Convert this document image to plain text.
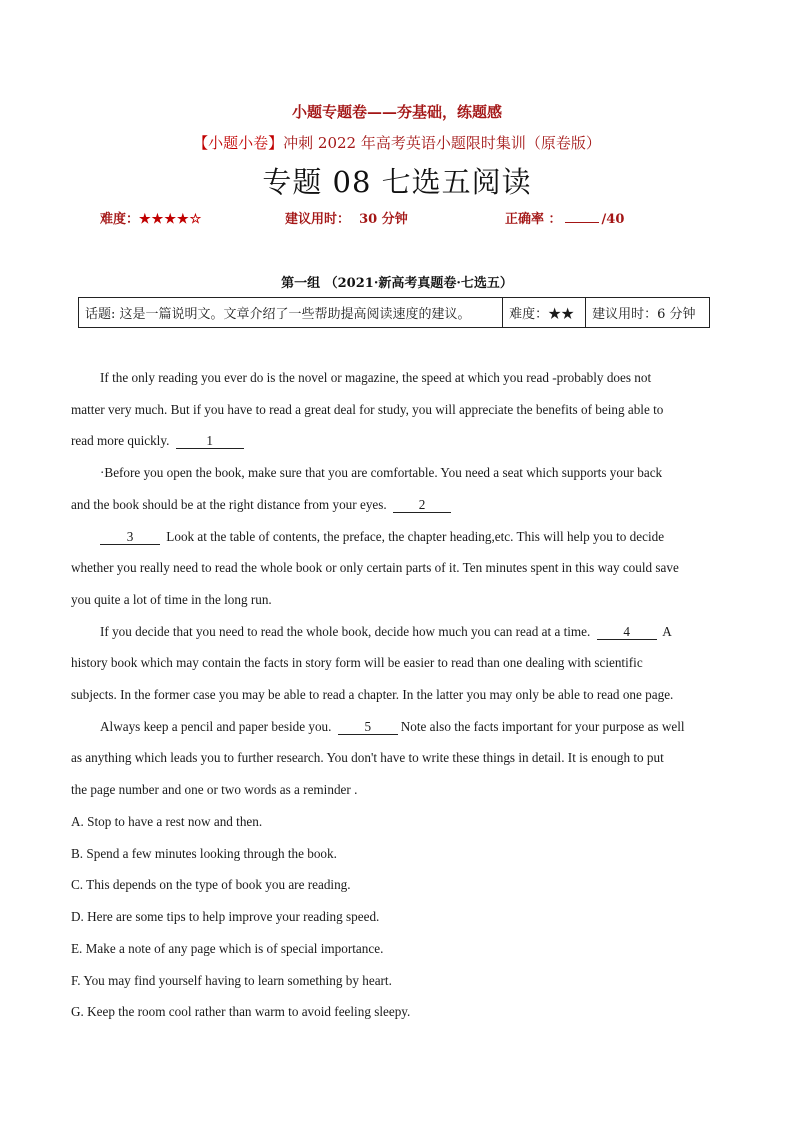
小题专题卷——夯基础，练题感
【小题小卷】冲刺 2022 年高考英语小题限时集训（原卷版）
专题 08 七选五阅读
难度：★★★★☆	建议用时： 30 分钟	正确率 ：	/40
第一组 （2021·新高考真题卷·七选五）
话题: 这是一篇说明文。文章介绍了一些帮助提高阅读速度的建议。	难度：★★	建议用时：6 分钟
If the only reading you ever do is the novel or magazine, the speed at which you read -probably does not
matter very much. But if you have to read a great deal for study, you will appreciate the benefits of being able to
read more quickly.	1
·Before you open the book, make sure that you are comfortable. You need a seat which supports your back
and the book should be at the right distance from your eyes. 2
3	Look at the table of contents, the preface, the chapter heading,etc. This will help you to decide
whether you really need to read the whole book or only certain parts of it. Ten minutes spent in this way could save
you quite a lot of time in the long run.
If you decide that you need to read the whole book, decide how much you can read at a time.	4 A
history book which may contain the facts in story form will be easier to read than one dealing with scientific
subjects. In the former case you may be able to read a chapter. In the latter you may only be able to read one page.
Always keep a pencil and paper beside you.	5 Note also the facts important for your purpose as well
as anything which leads you to further research. You don't have to write these things in detail. It is enough to put
the page number and one or two words as a reminder .
A. Stop to have a rest now and then.
B. Spend a few minutes looking through the book.
C. This depends on the type of book you are reading.
D. Here are some tips to help improve your reading speed.
E. Make a note of any page which is of special importance.
F. You may find yourself having to learn something by heart.
G. Keep the room cool rather than warm to avoid feeling sleepy.
